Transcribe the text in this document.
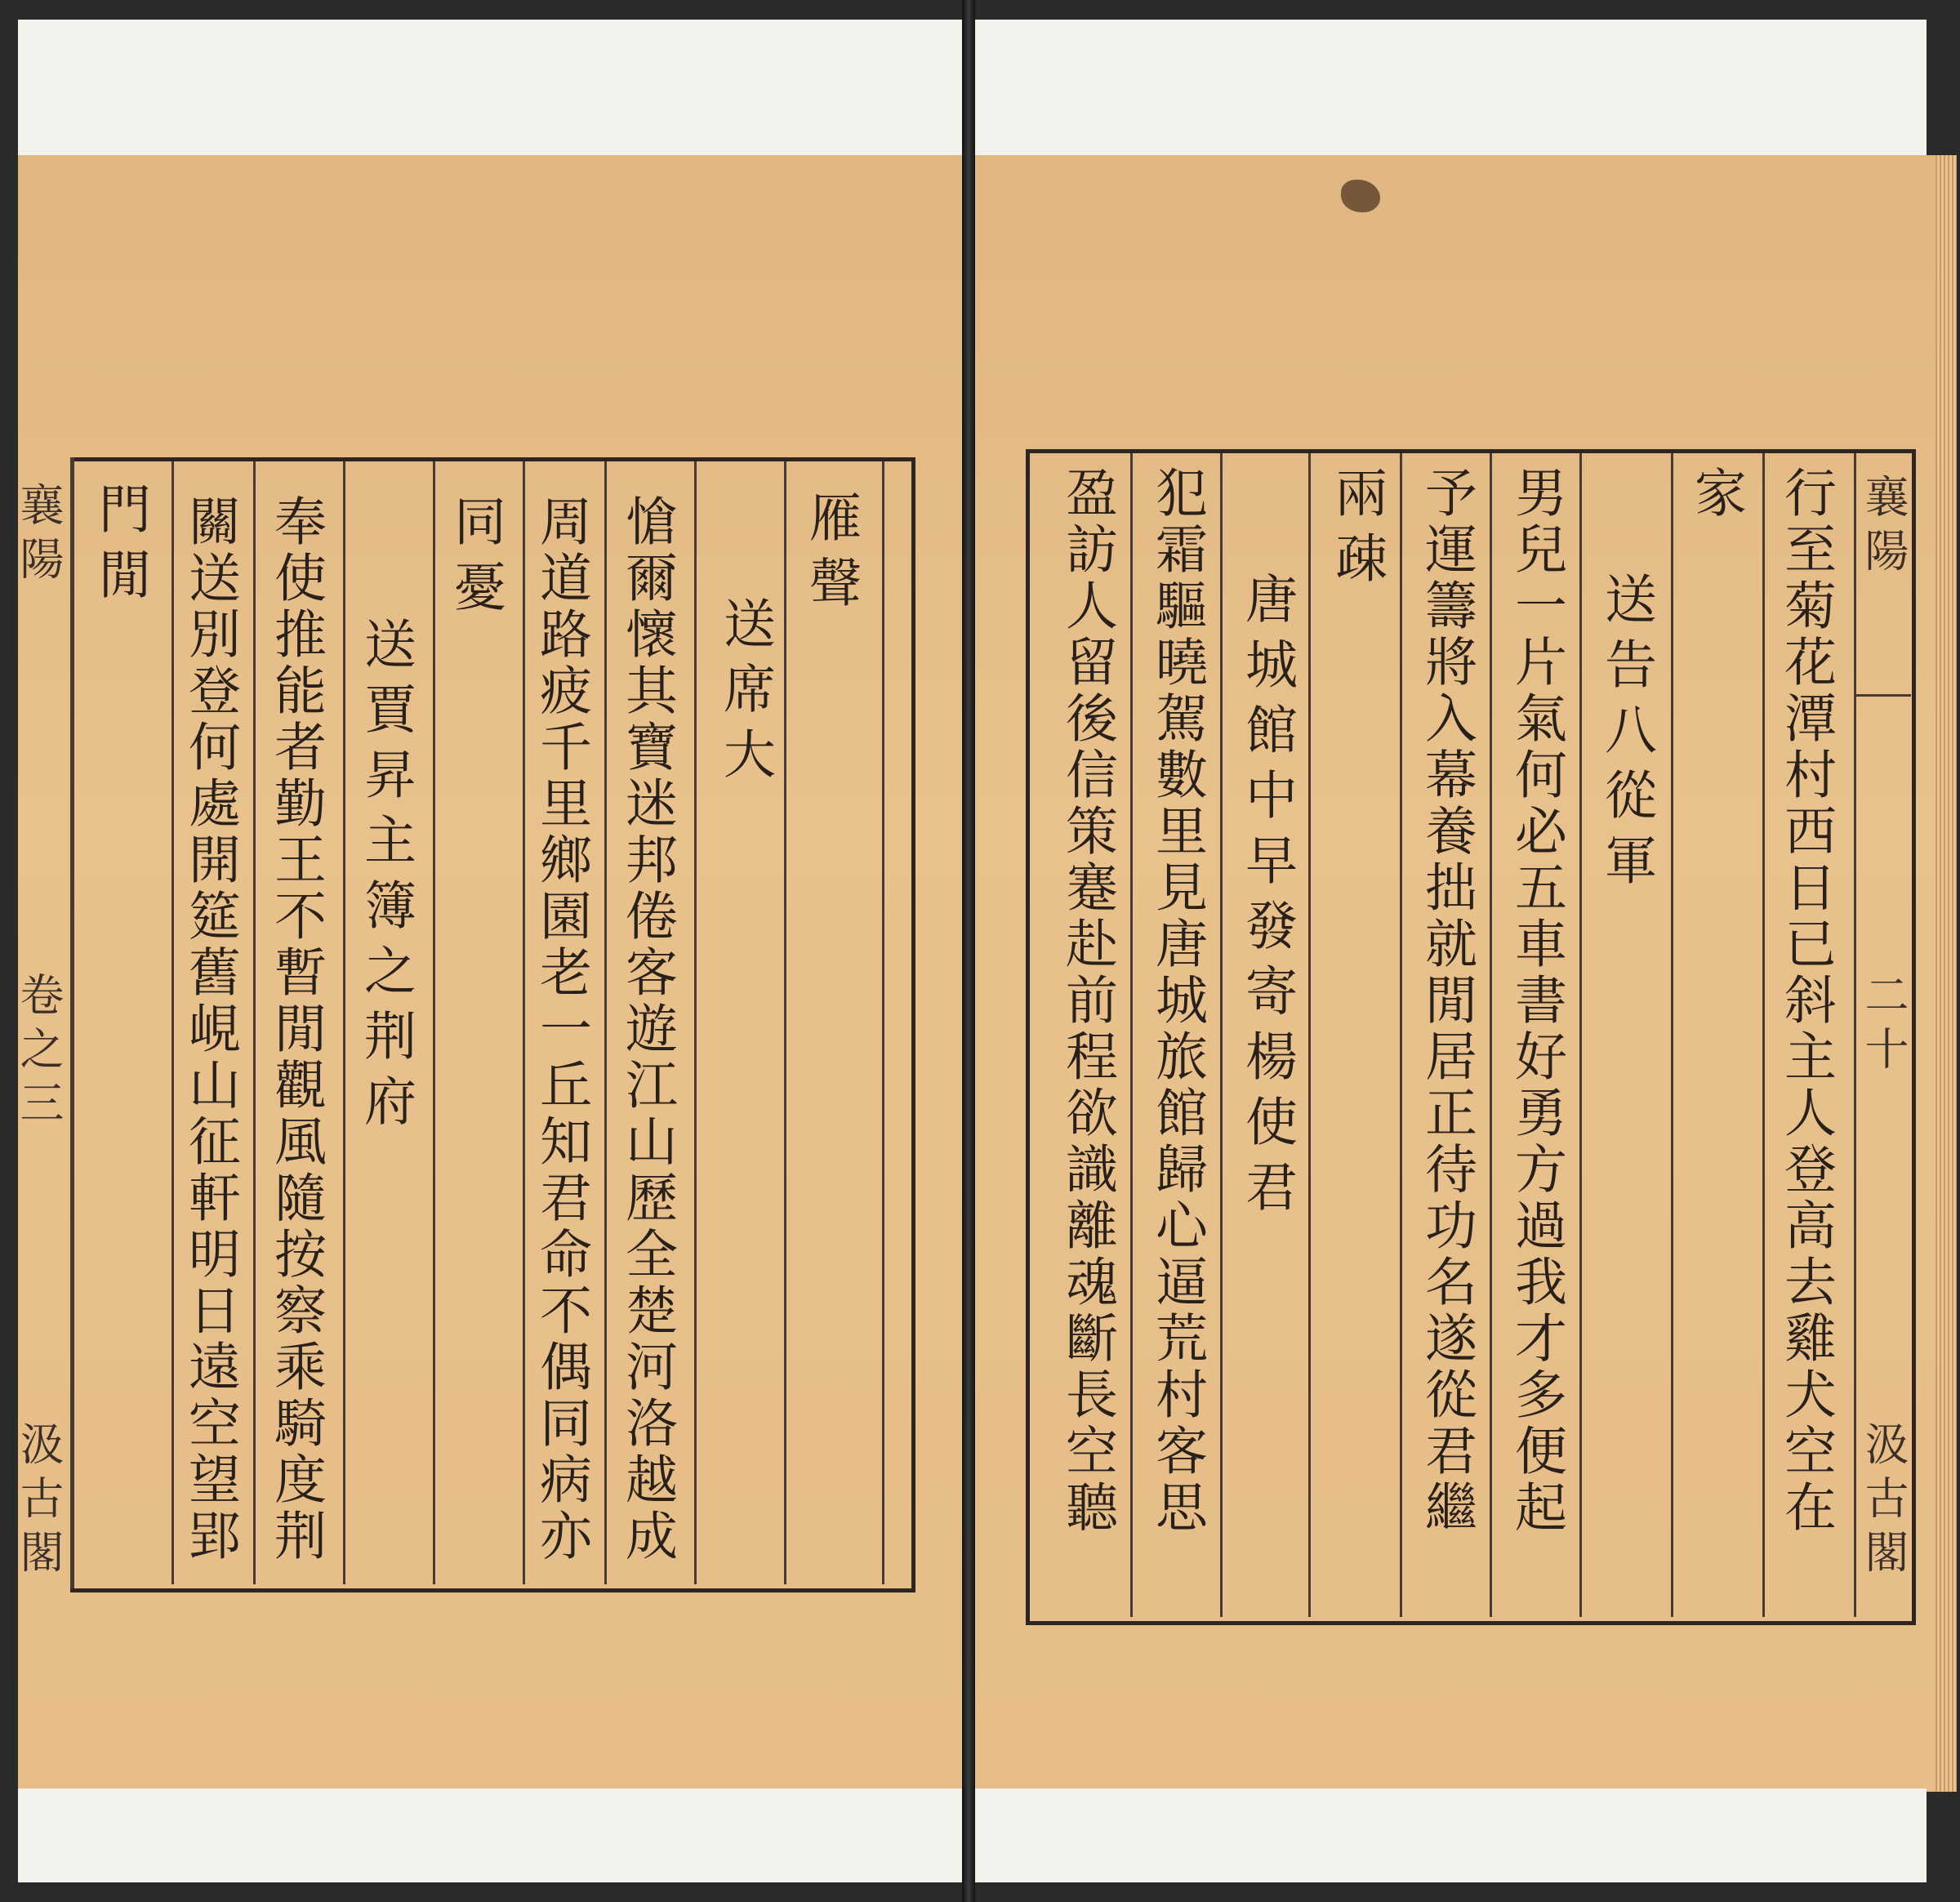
襄陽
卷之三
汲古閣
雁聲
送席大
愴爾懷其寶迷邦倦客遊江山歷全楚河洛越成
周道路疲千里鄉園老一丘知君命不偶同病亦
同憂
送賈昇主簿之荆府
奉使推能者勤王不暫閒觀風隨按察乘騎度荆
關送別登何處開筵舊峴山征軒明日遠空望郢
門閒	襄陽
二十
汲古閣
行至菊花潭村西日已斜主人登高去雞犬空在
家
送告八從軍
男兒一片氣何必五車書好勇方過我才多便起
予運籌將入幕養拙就閒居正待功名遂從君繼
兩疎
唐城館中早發寄楊使君
犯霜驅曉駕數里見唐城旅館歸心逼荒村客思
盈訪人留後信策蹇赴前程欲識離魂斷長空聽
